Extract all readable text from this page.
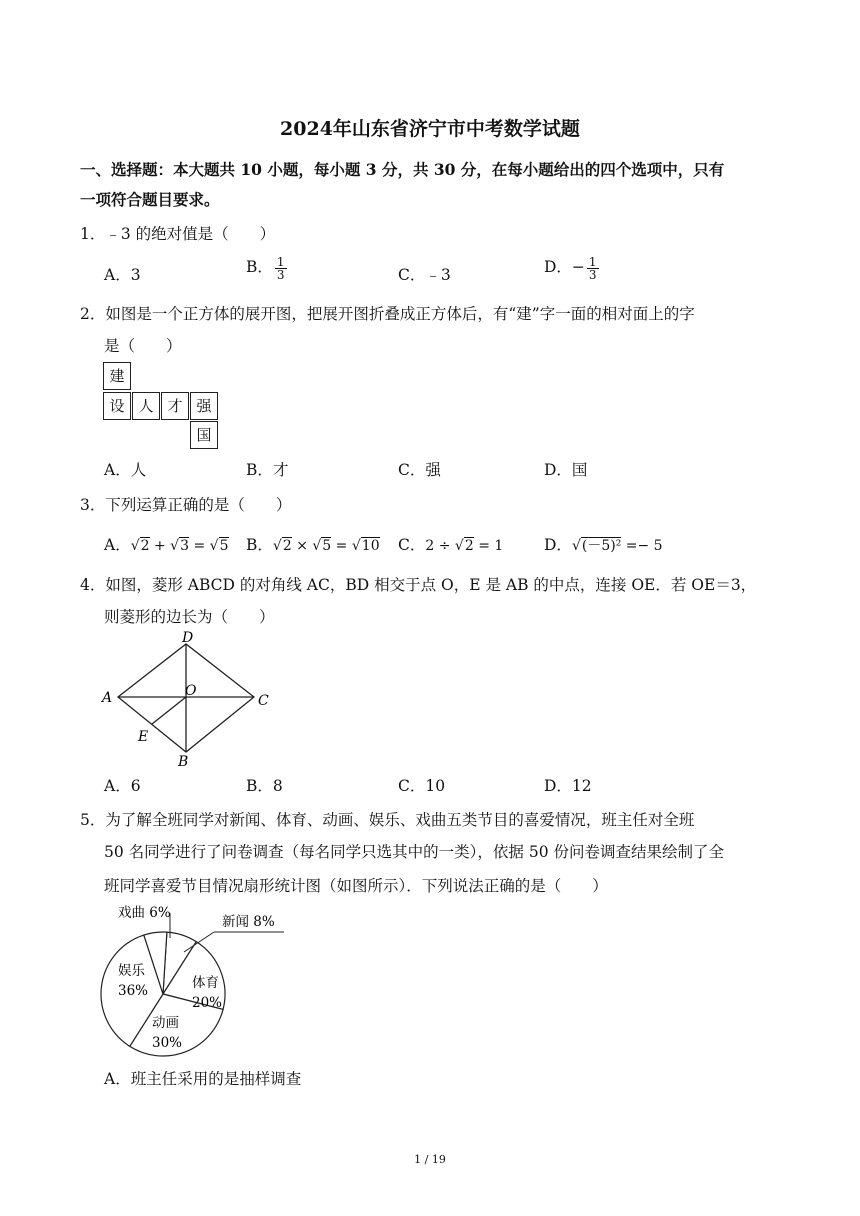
2024年山东省济宁市中考数学试题
一、选择题：本大题共 10 小题，每小题 3 分，共 30 分，在每小题给出的四个选项中，只有
一项符合题目要求。
1．﹣3 的绝对值是（　　）
A．3	B． $\frac{1}{3}$	C．﹣3	D．− $\frac{1}{3}$
2．如图是一个正方体的展开图，把展开图折叠成正方体后，有“建”字一面的相对面上的字
是（　　）
建
设 人 才 强
国
A．人	B．才	C．强	D．国
3．下列运算正确的是（　　）
A．√2 + √3 = √5 B．√2 × √5 = √10 C．2 ÷ √2 = 1	D．√(－5)² =− 5
4．如图，菱形 ABCD 的对角线 AC，BD 相交于点 O，E 是 AB 的中点，连接 OE．若 OE＝3，
则菱形的边长为（　　）
D
A	O
C
E
B
A．6	B．8	C．10	D．12
5．为了解全班同学对新闻、体育、动画、娱乐、戏曲五类节目的喜爱情况，班主任对全班
50 名同学进行了问卷调查（每名同学只选其中的一类），依据 50 份问卷调查结果绘制了全
班同学喜爱节目情况扇形统计图（如图所示）．下列说法正确的是（　　）
戏曲 6%
新闻 8%
娱乐
36%	体育
20%
动画
30%
A．班主任采用的是抽样调查
1 / 19
